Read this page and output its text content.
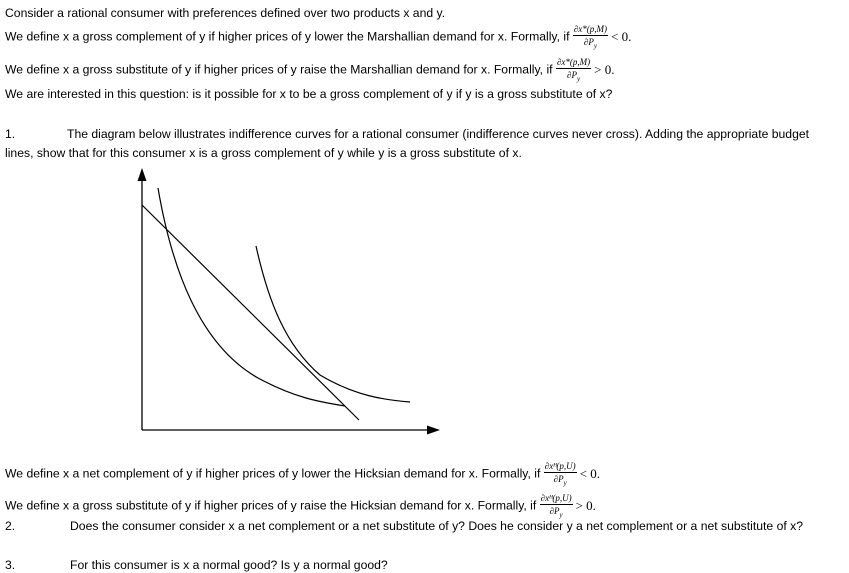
Consider a rational consumer with preferences defined over two products x and y.
We define x a gross complement of y if higher prices of y lower the Marshallian demand for x. Formally, if $\frac{\partial x*(p,M)}{\partial P_y} < 0$.
We define x a gross substitute of y if higher prices of y raise the Marshallian demand for x. Formally, if $\frac{\partial x*(p,M)}{\partial P_y} > 0$.
We are interested in this question: is it possible for x to be a gross complement of y if y is a gross substitute of x?
1.	The diagram below illustrates indifference curves for a rational consumer (indifference curves never cross). Adding the appropriate budget
lines, show that for this consumer x is a gross complement of y while y is a gross substitute of x.
We define x a net complement of y if higher prices of y lower the Hicksian demand for x. Formally, if $\frac{\text{∂xᴴ(p,U)}}{\partial P_y} < 0$.
We define x a gross substitute of y if higher prices of y raise the Hicksian demand for x. Formally, if $\frac{\text{∂xᴴ(p,U)}}{\partial P_y} > 0$.
2.	Does the consumer consider x a net complement or a net substitute of y? Does he consider y a net complement or a net substitute of x?
3.	For this consumer is x a normal good? Is y a normal good?
